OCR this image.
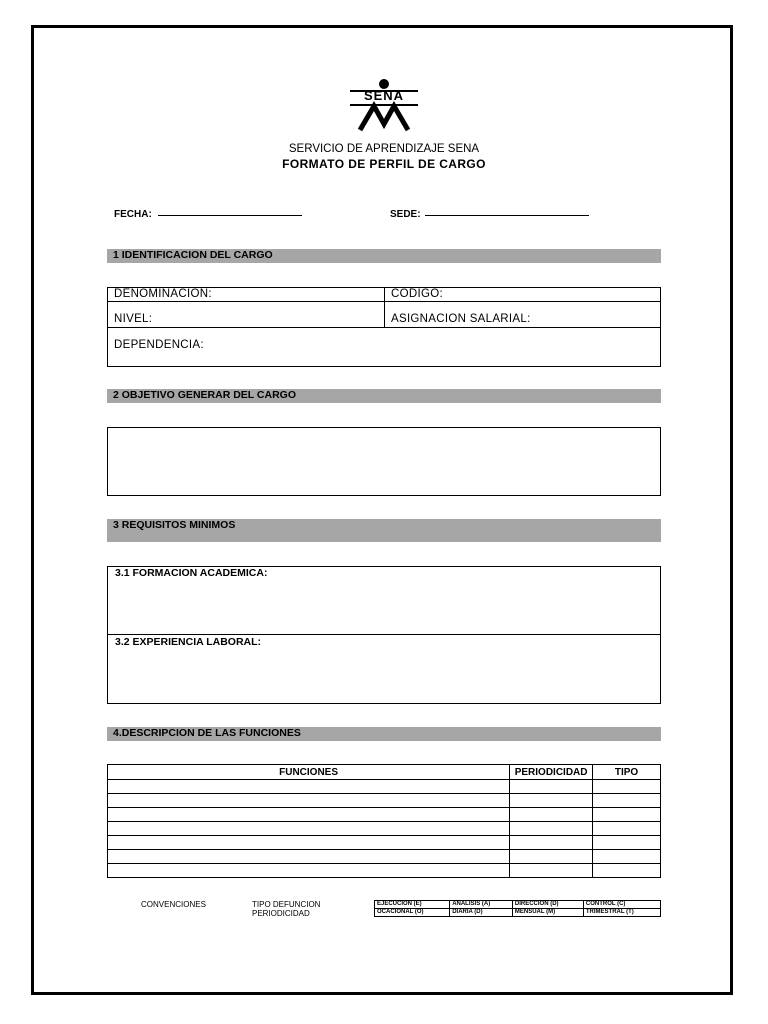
SENA
SERVICIO DE APRENDIZAJE SENA
FORMATO DE PERFIL DE CARGO
FECHA:	SEDE:
1 IDENTIFICACION DEL CARGO
DENOMINACION:	CODIGO:
NIVEL:	ASIGNACION SALARIAL:
DEPENDENCIA:
2 OBJETIVO GENERAR DEL CARGO
3 REQUISITOS MINIMOS
3.1 FORMACION ACADEMICA:
3.2 EXPERIENCIA LABORAL:
4.DESCRIPCION DE LAS FUNCIONES
FUNCIONES	PERIODICIDAD	TIPO

CONVENCIONES	TIPO DEFUNCION
PERIODICIDAD
EJECUCION (E)	ANALISIS (A)	DIRECCION (D)	CONTROL (C)
OCACIONAL (O)	DIARIA (D)	MENSUAL (M)	TRIMESTRAL (T)
